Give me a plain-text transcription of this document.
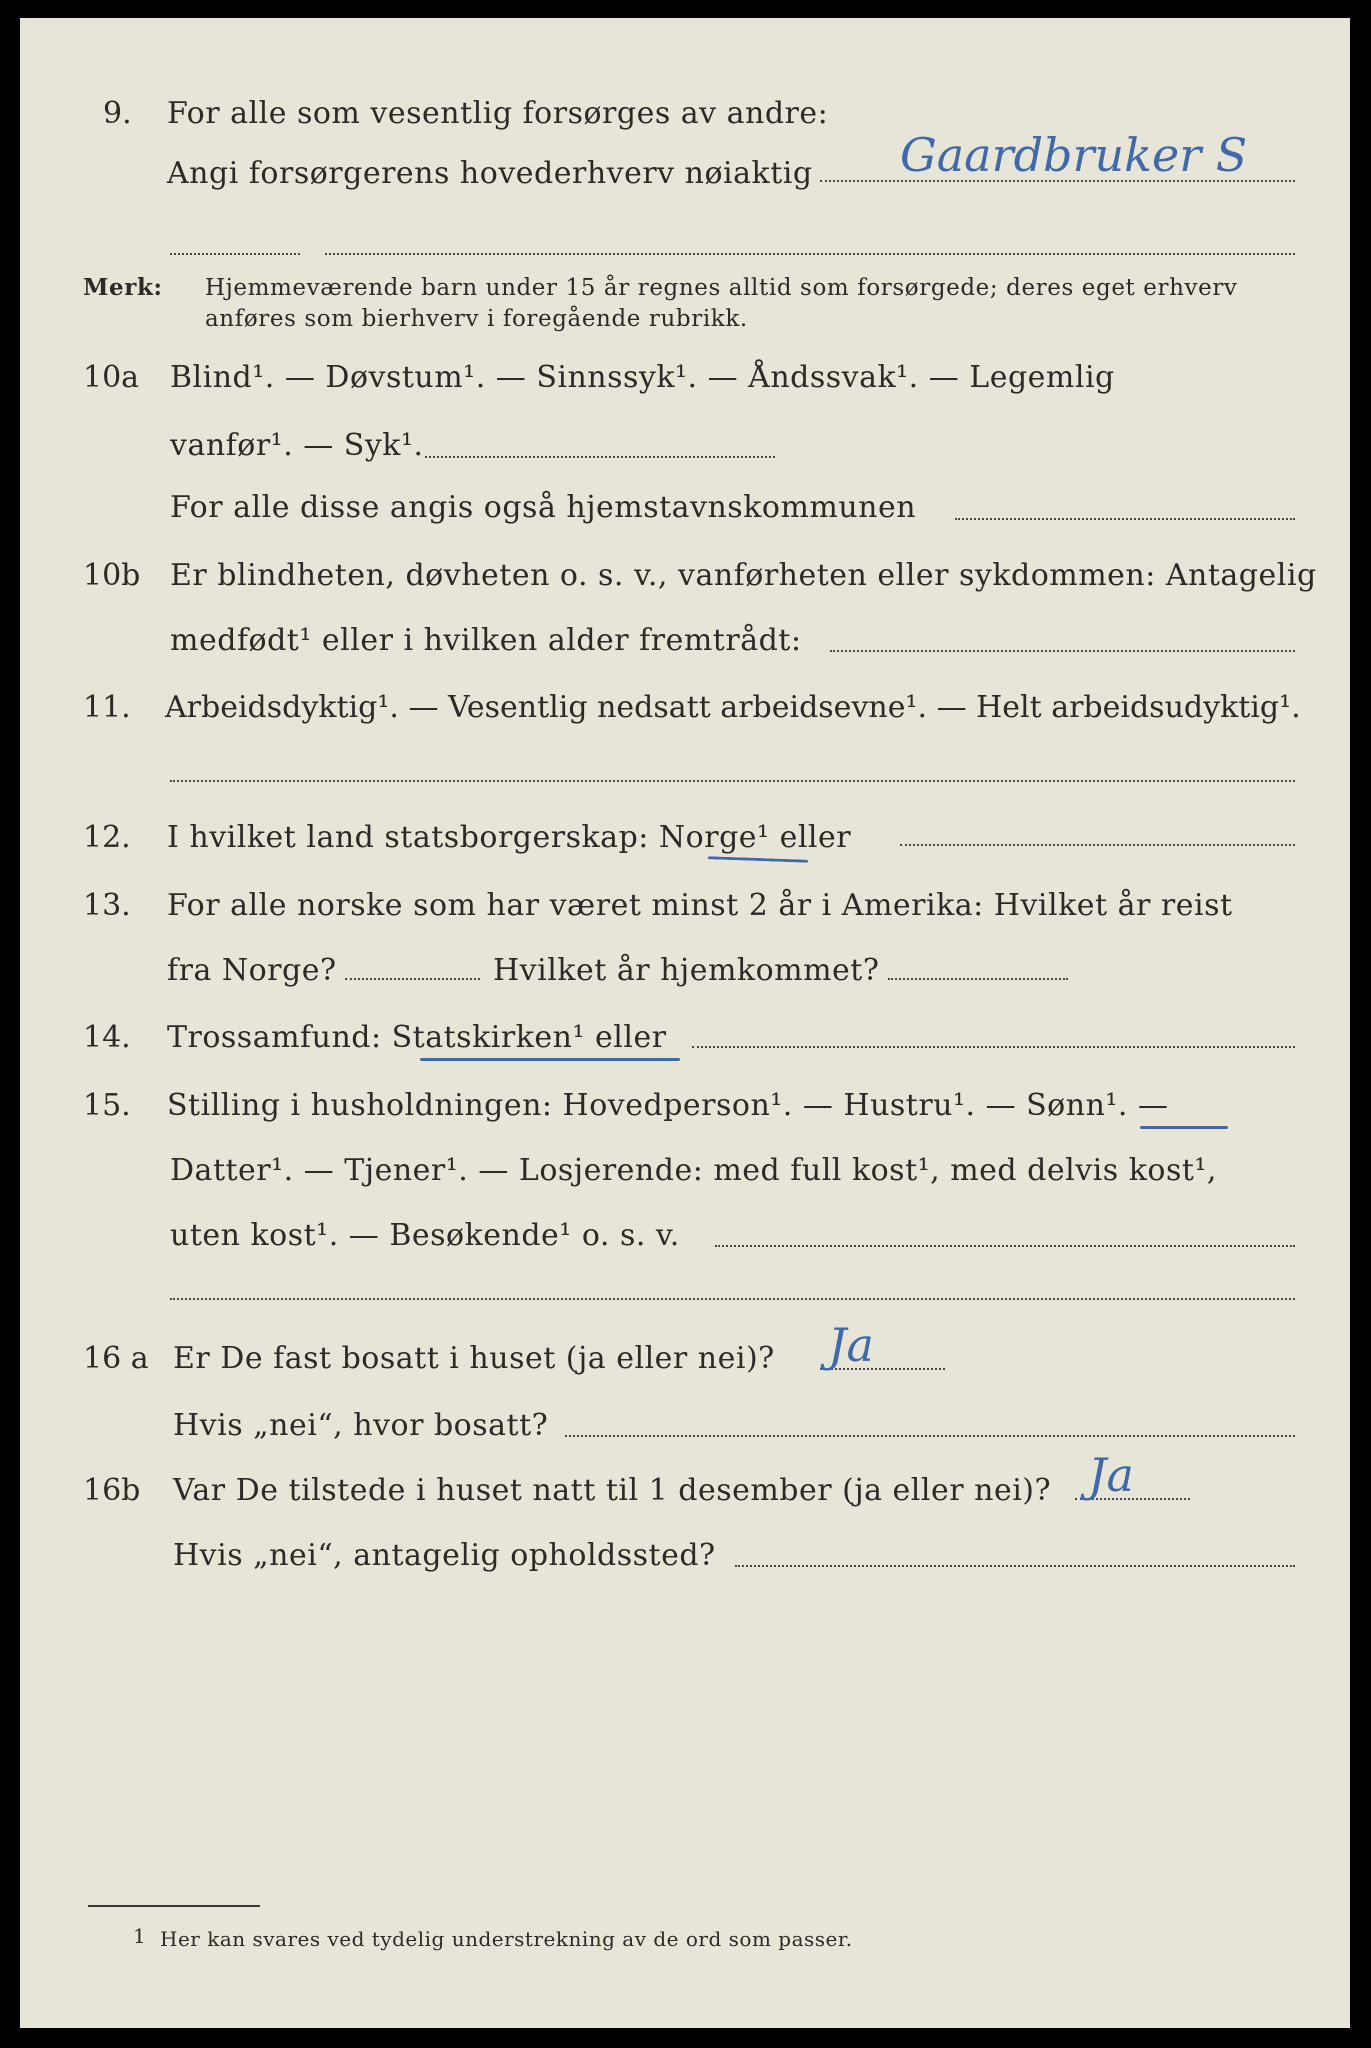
9. For alle som vesentlig forsørges av andre:
Angi forsørgerens hovederhverv nøiaktig Gaardbruker S
Merk: Hjemmeværende barn under 15 år regnes alltid som forsørgede; deres eget erhverv
anføres som bierhverv i foregående rubrikk.
10a Blind¹. — Døvstum¹. — Sinnssyk¹. — Åndssvak¹. — Legemlig
vanfør¹. — Syk¹.
For alle disse angis også hjemstavnskommunen
10b Er blindheten, døvheten o. s. v., vanførheten eller sykdommen: Antagelig
medfødt¹ eller i hvilken alder fremtrådt:
11. Arbeidsdyktig¹. — Vesentlig nedsatt arbeidsevne¹. — Helt arbeidsudyktig¹.
12. I hvilket land statsborgerskap: Norge¹ eller
13. For alle norske som har været minst 2 år i Amerika: Hvilket år reist
fra Norge?	Hvilket år hjemkommet?
14. Trossamfund: Statskirken¹ eller
15. Stilling i husholdningen: Hovedperson¹. — Hustru¹. — Sønn¹. —
Datter¹. — Tjener¹. — Losjerende: med full kost¹, med delvis kost¹,
uten kost¹. — Besøkende¹ o. s. v.
16 a Er De fast bosatt i huset (ja eller nei)? Ja
Hvis „nei“, hvor bosatt?
16b Var De tilstede i huset natt til 1 desember (ja eller nei)? Ja
Hvis „nei“, antagelig opholdssted?
1 Her kan svares ved tydelig understrekning av de ord som passer.
